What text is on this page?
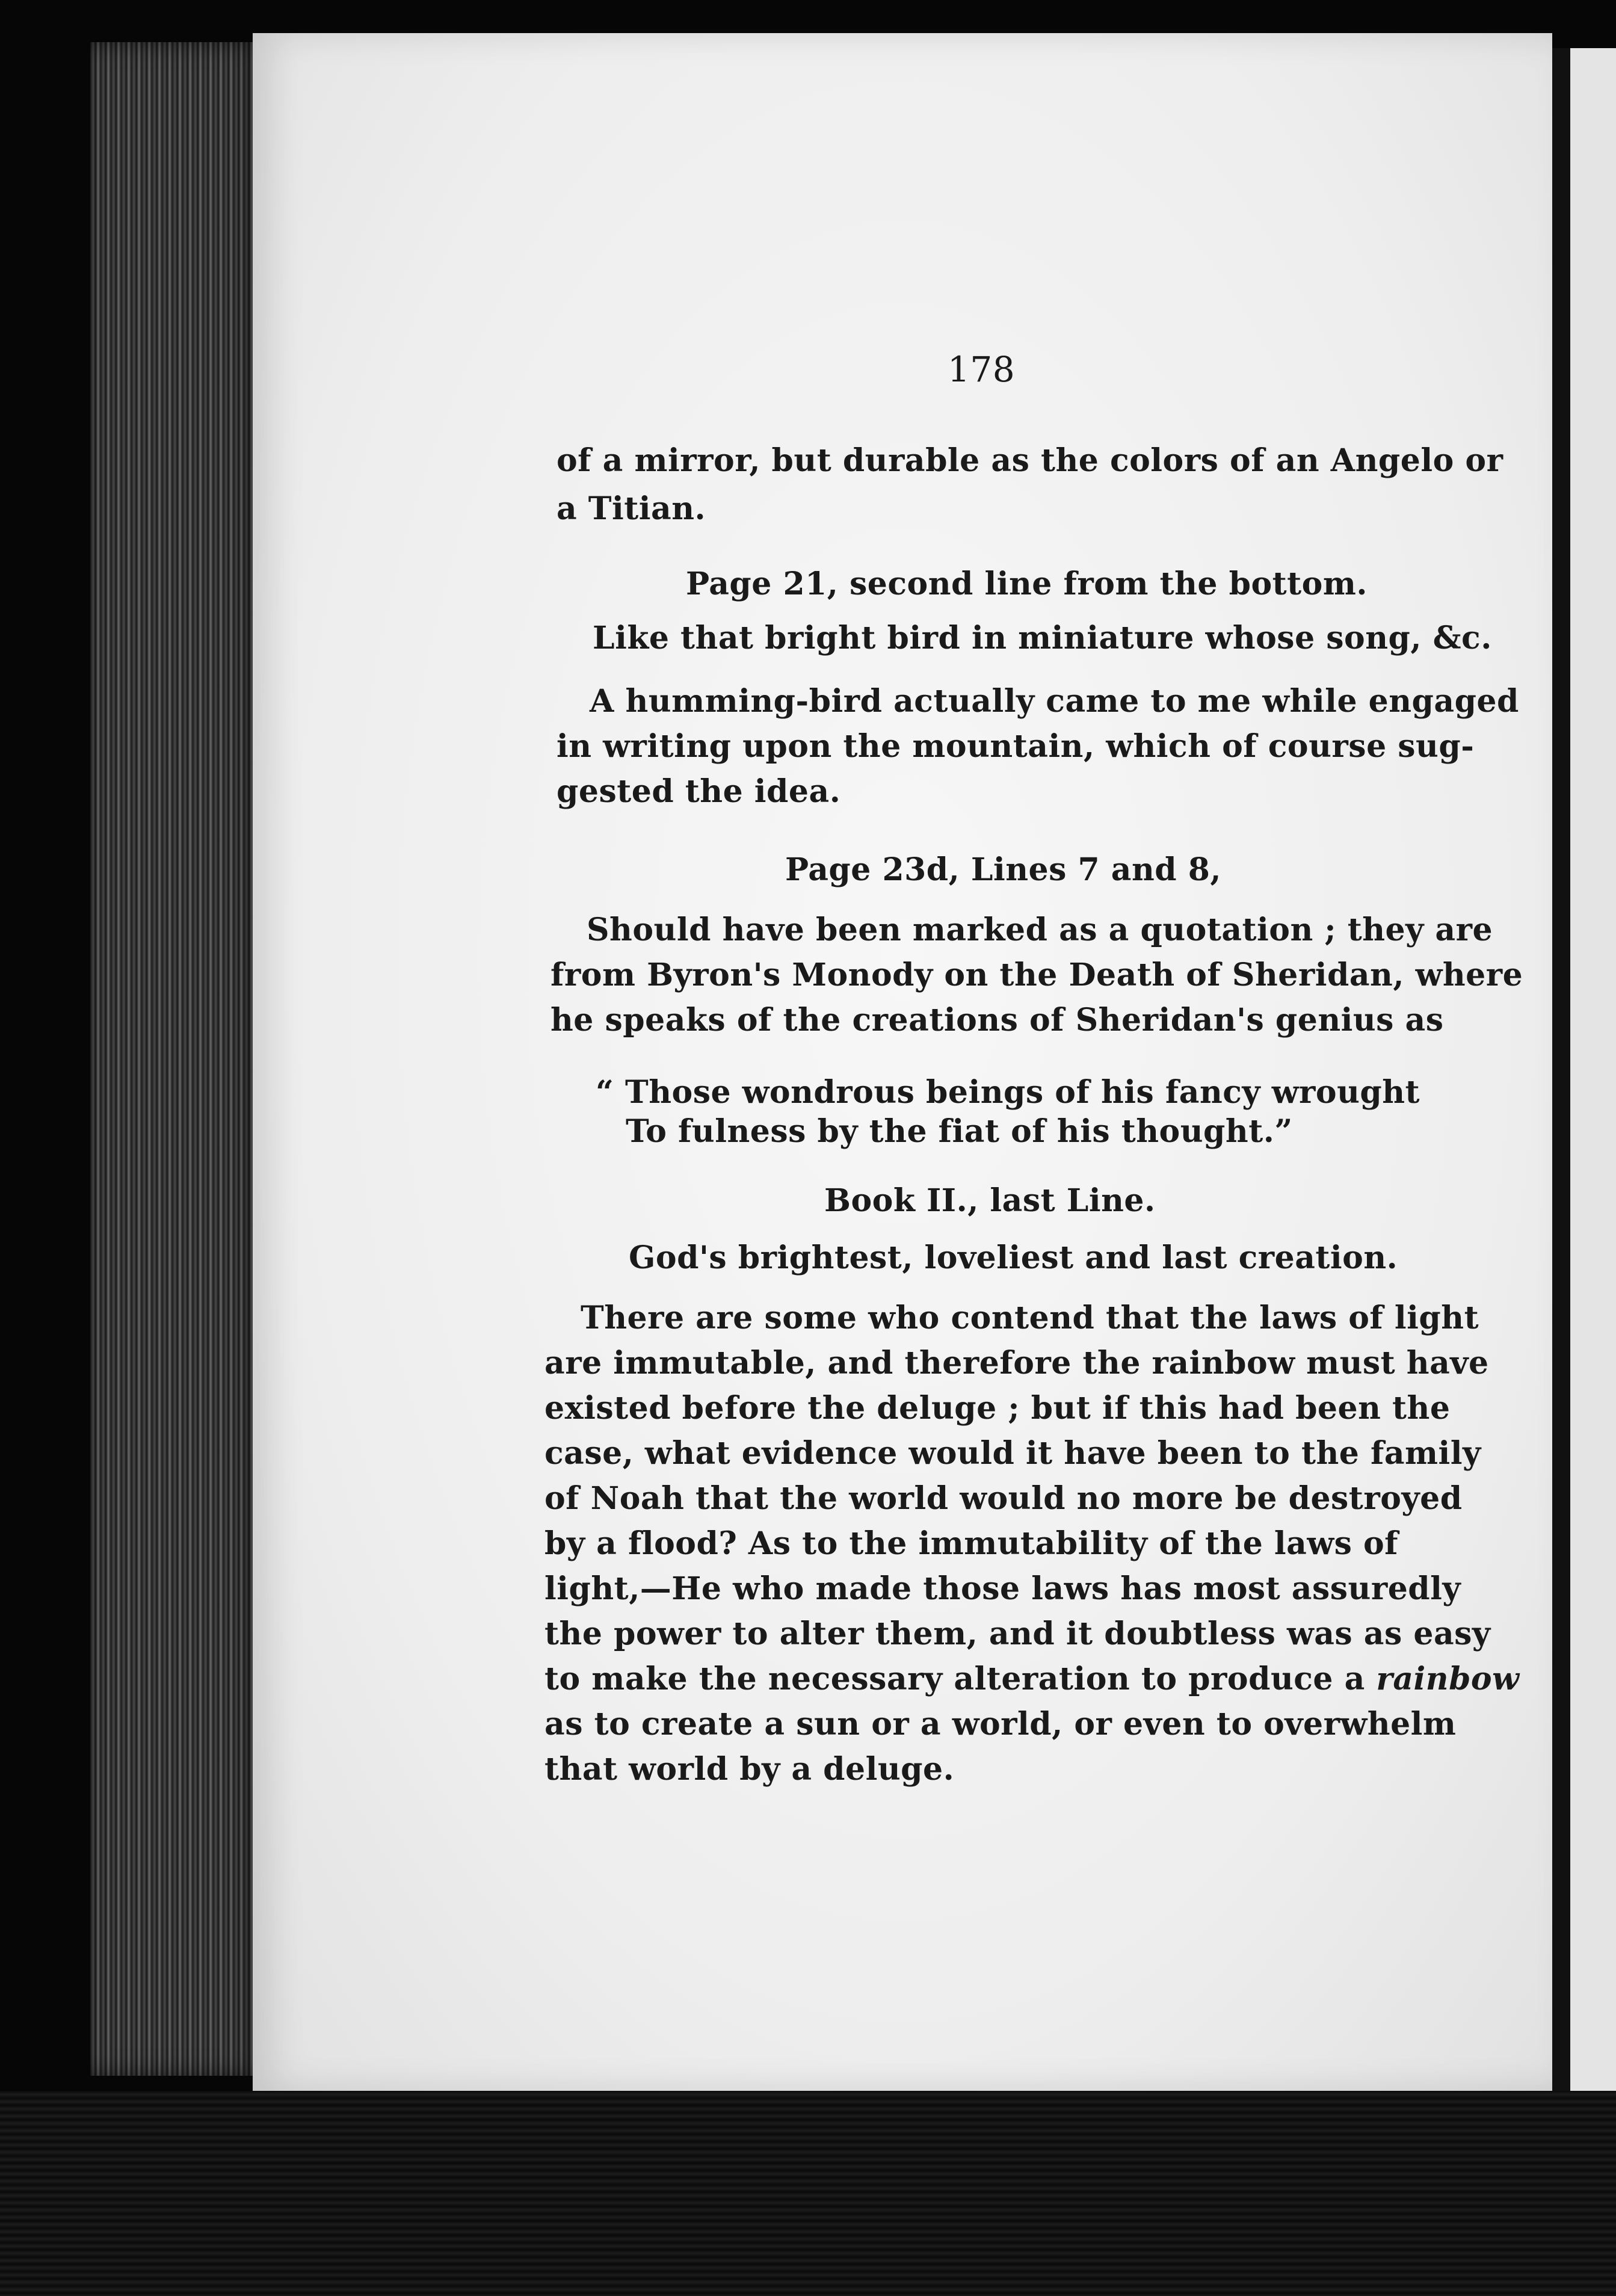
178
of a mirror, but durable as the colors of an Angelo or
a Titian.
Page 21, second line from the bottom.
Like that bright bird in miniature whose song, &c.
A humming-bird actually came to me while engaged
in writing upon the mountain, which of course sug-
gested the idea.
Page 23d, Lines 7 and 8,
Should have been marked as a quotation ; they are
from Byron's Monody on the Death of Sheridan, where
he speaks of the creations of Sheridan's genius as
“ Those wondrous beings of his fancy wrought
To fulness by the fiat of his thought.”
Book II., last Line.
God's brightest, loveliest and last creation.
There are some who contend that the laws of light
are immutable, and therefore the rainbow must have
existed before the deluge ; but if this had been the
case, what evidence would it have been to the family
of Noah that the world would no more be destroyed
by a flood? As to the immutability of the laws of
light,—He who made those laws has most assuredly
the power to alter them, and it doubtless was as easy
to make the necessary alteration to produce a rainbow
as to create a sun or a world, or even to overwhelm
that world by a deluge.
